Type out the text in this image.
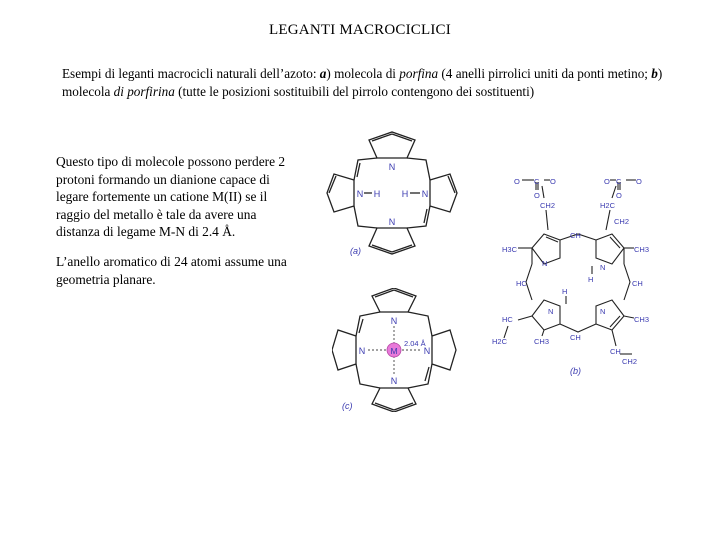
LEGANTI MACROCICLICI
Esempi di leganti macrocicli naturali dell’azoto: a) molecola di porfina (4 anelli pirrolici uniti da ponti metino; b) molecola di porfirina (tutte le posizioni sostituibili del pirrolo contengono dei sostituenti)

Questo tipo di molecole possono perdere 2 protoni formando un dianione capace di legare fortemente un catione M(II) se il raggio del metallo è tale da avere una distanza di legame M-N di 2.4 Å.

L’anello aromatico di 24 atomi assume una geometria planare.

N
N
N	N
H H
(a)
M
N
N
N	N
2.04 Å
(c)
O C
O
O
CH2
O C
O
O
H2C
CH2
H3C
CH
CH3
N	N
H
HC	CH
H
N	N
HC	CH3
CH3	CH
H2C
CH
CH2
(b)
